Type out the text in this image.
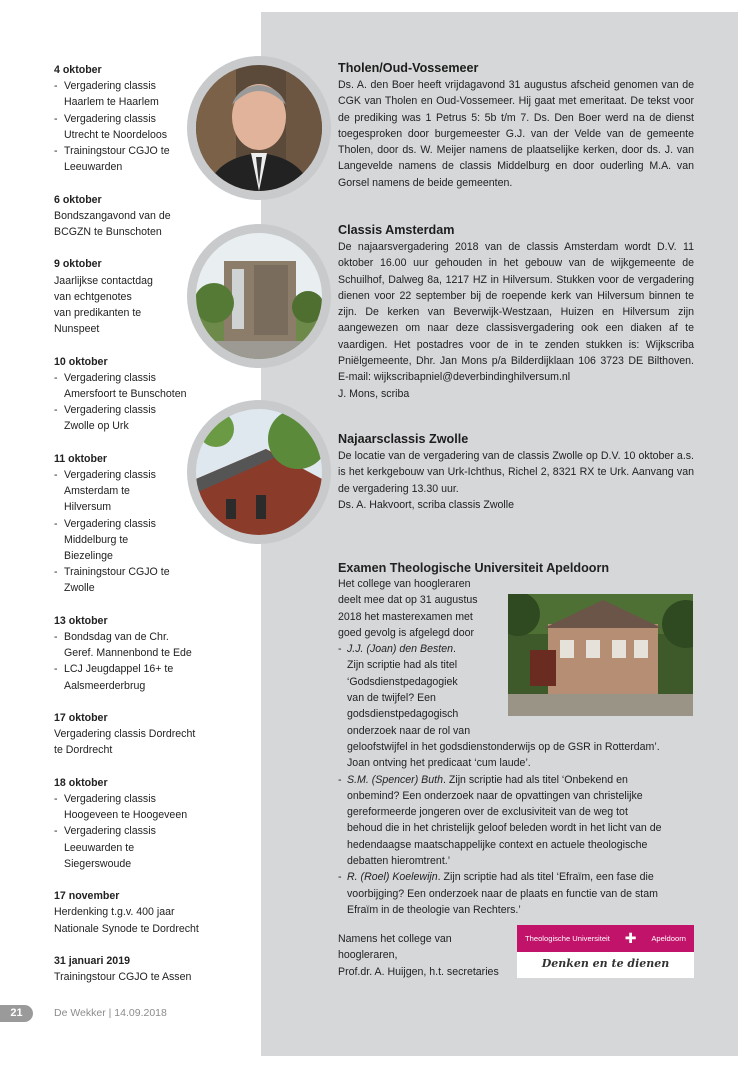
4 oktober
- Vergadering classis
Haarlem te Haarlem
- Vergadering classis
Utrecht te Noordeloos
- Trainingstour CGJO te
Leeuwarden
6 oktober
Bondszangavond van de
BCGZN te Bunschoten
9 oktober
Jaarlijkse contactdag
van echtgenotes
van predikanten te
Nunspeet
10 oktober
- Vergadering classis
Amersfoort te Bunschoten
- Vergadering classis
Zwolle op Urk
11 oktober
- Vergadering classis
Amsterdam te
Hilversum
- Vergadering classis
Middelburg te
Biezelinge
- Trainingstour CGJO te
Zwolle
13 oktober
- Bondsdag van de Chr.
Geref. Mannenbond te Ede
- LCJ Jeugdappel 16+ te
Aalsmeerderbrug
17 oktober
Vergadering classis Dordrecht
te Dordrecht
18 oktober
- Vergadering classis
Hoogeveen te Hoogeveen
- Vergadering classis
Leeuwarden te
Siegerswoude
17 november
Herdenking t.g.v. 400 jaar
Nationale Synode te Dordrecht
31 januari 2019
Trainingstour CGJO te Assen
Tholen/Oud-Vossemeer

Ds. A. den Boer heeft vrijdagavond 31 augustus afscheid genomen van de CGK van Tholen en Oud-Vossemeer. Hij gaat met emeritaat. De tekst voor de prediking was 1 Petrus 5: 5b t/m 7. Ds. Den Boer werd na de dienst toegesproken door burgemeester G.J. van der Velde van de gemeente Tholen, door ds. W. Meijer namens de plaatselijke kerken, door ds. J. van Langevelde namens de classis Middelburg en door ouderling M.A. van Gorsel namens de beide gemeenten.

Classis Amsterdam

De najaarsvergadering 2018 van de classis Amsterdam wordt D.V. 11 oktober 16.00 uur gehouden in het gebouw van de wijkgemeente de Schuilhof, Dalweg 8a, 1217 HZ in Hilversum. Stukken voor de vergadering dienen voor 22 september bij de roepende kerk van Hilversum binnen te zijn. De kerken van Beverwijk-Westzaan, Huizen en Hilversum zijn aangewezen om naar deze classisvergadering ook een diaken af te vaardigen. Het postadres voor de in te zenden stukken is: Wijkscriba Pniëlgemeente, Dhr. Jan Mons p/a Bilderdijklaan 106 3723 DE Bilthoven. E-mail: wijkscribapniel@deverbindinghilversum.nl

J. Mons, scriba

Najaarsclassis Zwolle

De locatie van de vergadering van de classis Zwolle op D.V. 10 oktober a.s. is het kerkgebouw van Urk-Ichthus, Richel 2, 8321 RX te Urk. Aanvang van de vergadering 13.30 uur.

Ds. A. Hakvoort, scriba classis Zwolle

Examen Theologische Universiteit Apeldoorn
Het college van hoogleraren
deelt mee dat op 31 augustus
2018 het masterexamen met
goed gevolg is afgelegd door
- J.J. (Joan) den Besten.
Zijn scriptie had als titel
‘Godsdienstpedagogiek
van de twijfel? Een
godsdienstpedagogisch
onderzoek naar de rol van
geloofstwijfel in het godsdienstonderwijs op de GSR in Rotterdam’.
Joan ontving het predicaat ‘cum laude’.
- S.M. (Spencer) Buth. Zijn scriptie had als titel ‘Onbekend en
onbemind? Een onderzoek naar de opvattingen van christelijke
gereformeerde jongeren over de exclusiviteit van de weg tot
behoud die in het christelijk geloof beleden wordt in het licht van de
hedendaagse maatschappelijke context en actuele theologische
debatten hieromtrent.’
- R. (Roel) Koelewijn. Zijn scriptie had als titel ‘Efraïm, een fase die
voorbijging? Een onderzoek naar de plaats en functie van de stam
Efraïm in de theologie van Rechters.’
Namens het college van
hoogleraren,
Prof.dr. A. Huijgen, h.t. secretaries
Theologische Universiteit ✚ Apeldoorn
Denken en te dienen
21	De Wekker | 14.09.2018
